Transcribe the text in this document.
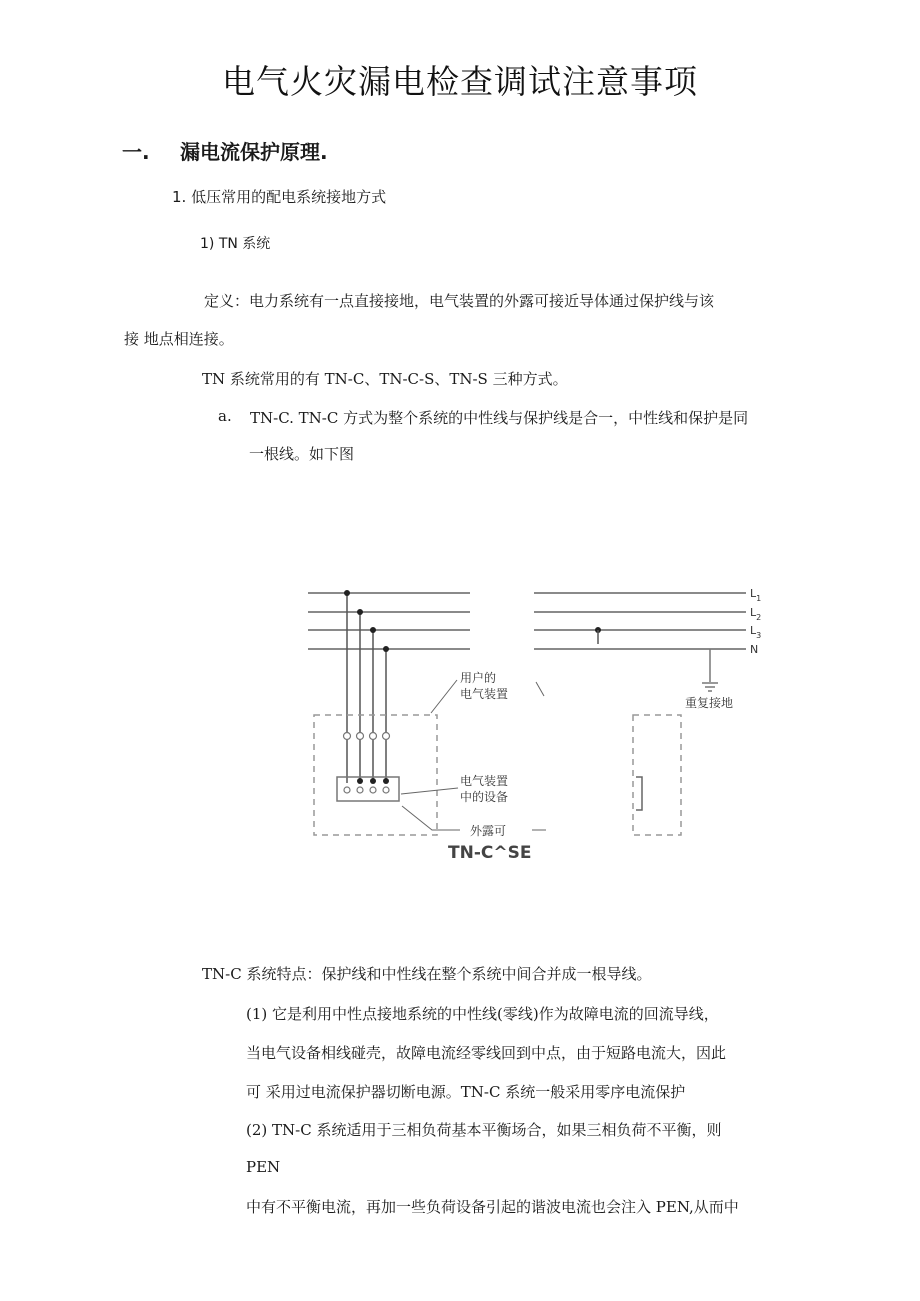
电气火灾漏电检查调试注意事项
一. 漏电流保护原理.
1. 低压常用的配电系统接地方式
1) TN 系统
定义：电力系统有一点直接接地，电气装置的外露可接近导体通过保护线与该
接 地点相连接。
TN 系统常用的有 TN-C、TN-C-S、TN-S 三种方式。
a. TN-C. TN-C 方式为整个系统的中性线与保护线是合一，中性线和保护是同
一根线。如下图
$L_1$
$L_2$
$L_3$
N
用户的
电气装置
重复接地
电气装置
中的设备
外露可
TN-C^SE
TN-C 系统特点：保护线和中性线在整个系统中间合并成一根导线。
(1) 它是利用中性点接地系统的中性线(零线)作为故障电流的回流导线，
当电气设备相线碰壳，故障电流经零线回到中点，由于短路电流大，因此
可 采用过电流保护器切断电源。TN-C 系统一般采用零序电流保护
(2) TN-C 系统适用于三相负荷基本平衡场合，如果三相负荷不平衡，则
PEN
中有不平衡电流，再加一些负荷设备引起的谐波电流也会注入 PEN,从而中
